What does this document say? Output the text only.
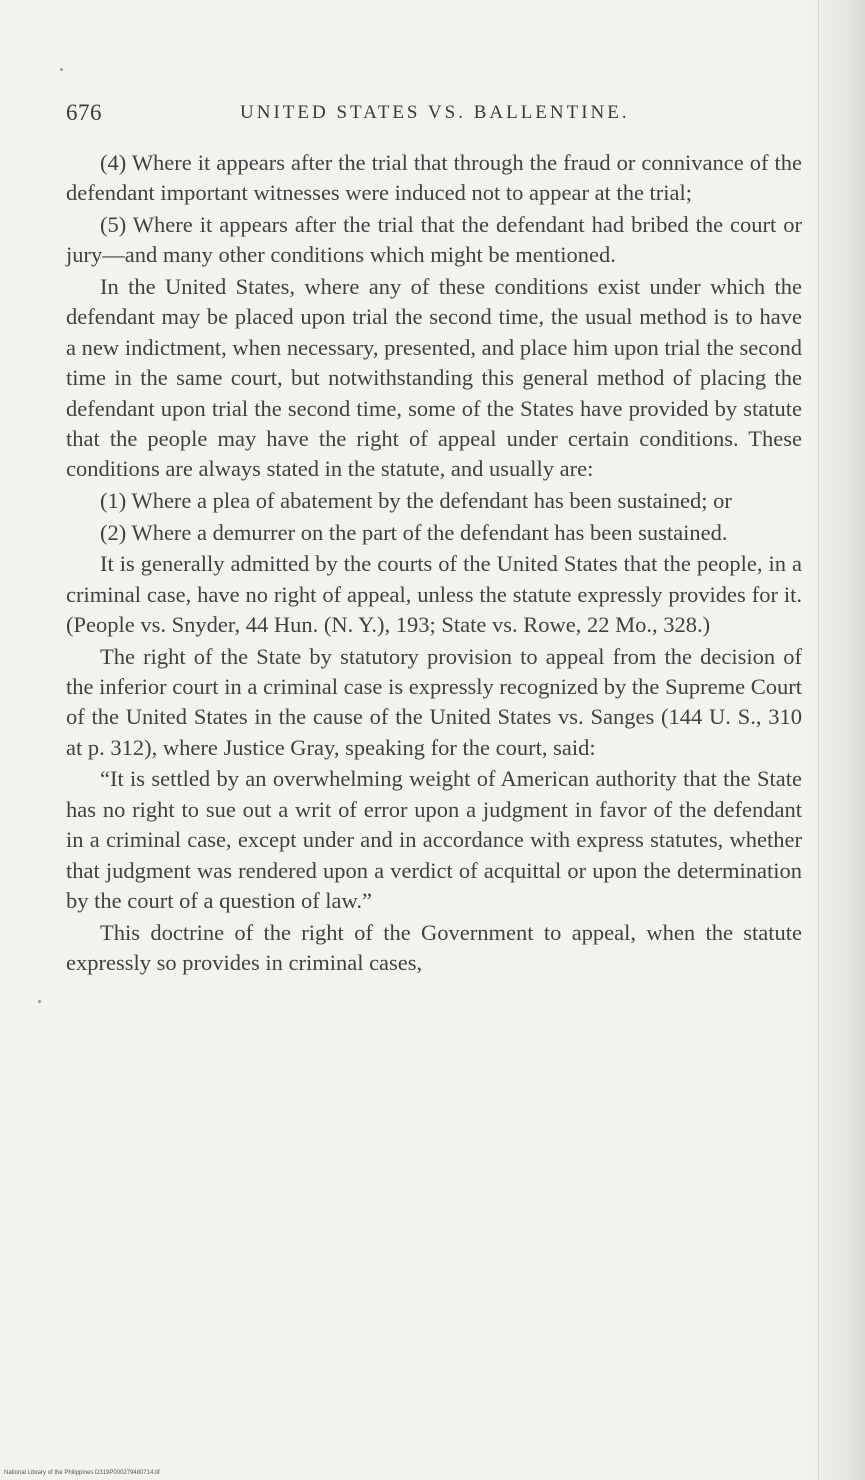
676	UNITED STATES VS. BALLENTINE.

(4) Where it appears after the trial that through the fraud or connivance of the defendant important witnesses were induced not to appear at the trial;

(5) Where it appears after the trial that the defendant had bribed the court or jury—and many other conditions which might be mentioned.

In the United States, where any of these conditions exist under which the defendant may be placed upon trial the second time, the usual method is to have a new indictment, when necessary, presented, and place him upon trial the second time in the same court, but notwithstanding this general method of placing the defendant upon trial the second time, some of the States have provided by statute that the people may have the right of appeal under certain conditions. These conditions are always stated in the statute, and usually are:

(1) Where a plea of abatement by the defendant has been sustained; or

(2) Where a demurrer on the part of the defendant has been sustained.

It is generally admitted by the courts of the United States that the people, in a criminal case, have no right of appeal, unless the statute expressly provides for it. (People vs. Snyder, 44 Hun. (N. Y.), 193; State vs. Rowe, 22 Mo., 328.)

The right of the State by statutory provision to appeal from the decision of the inferior court in a criminal case is expressly recognized by the Supreme Court of the United States in the cause of the United States vs. Sanges (144 U. S., 310 at p. 312), where Justice Gray, speaking for the court, said:

“It is settled by an overwhelming weight of American authority that the State has no right to sue out a writ of error upon a judgment in favor of the defendant in a criminal case, except under and in accordance with express statutes, whether that judgment was rendered upon a verdict of acquittal or upon the determination by the court of a question of law.”

This doctrine of the right of the Government to appeal, when the statute expressly so provides in criminal cases,

National Library of the Philippines D319P000279480714.tif
